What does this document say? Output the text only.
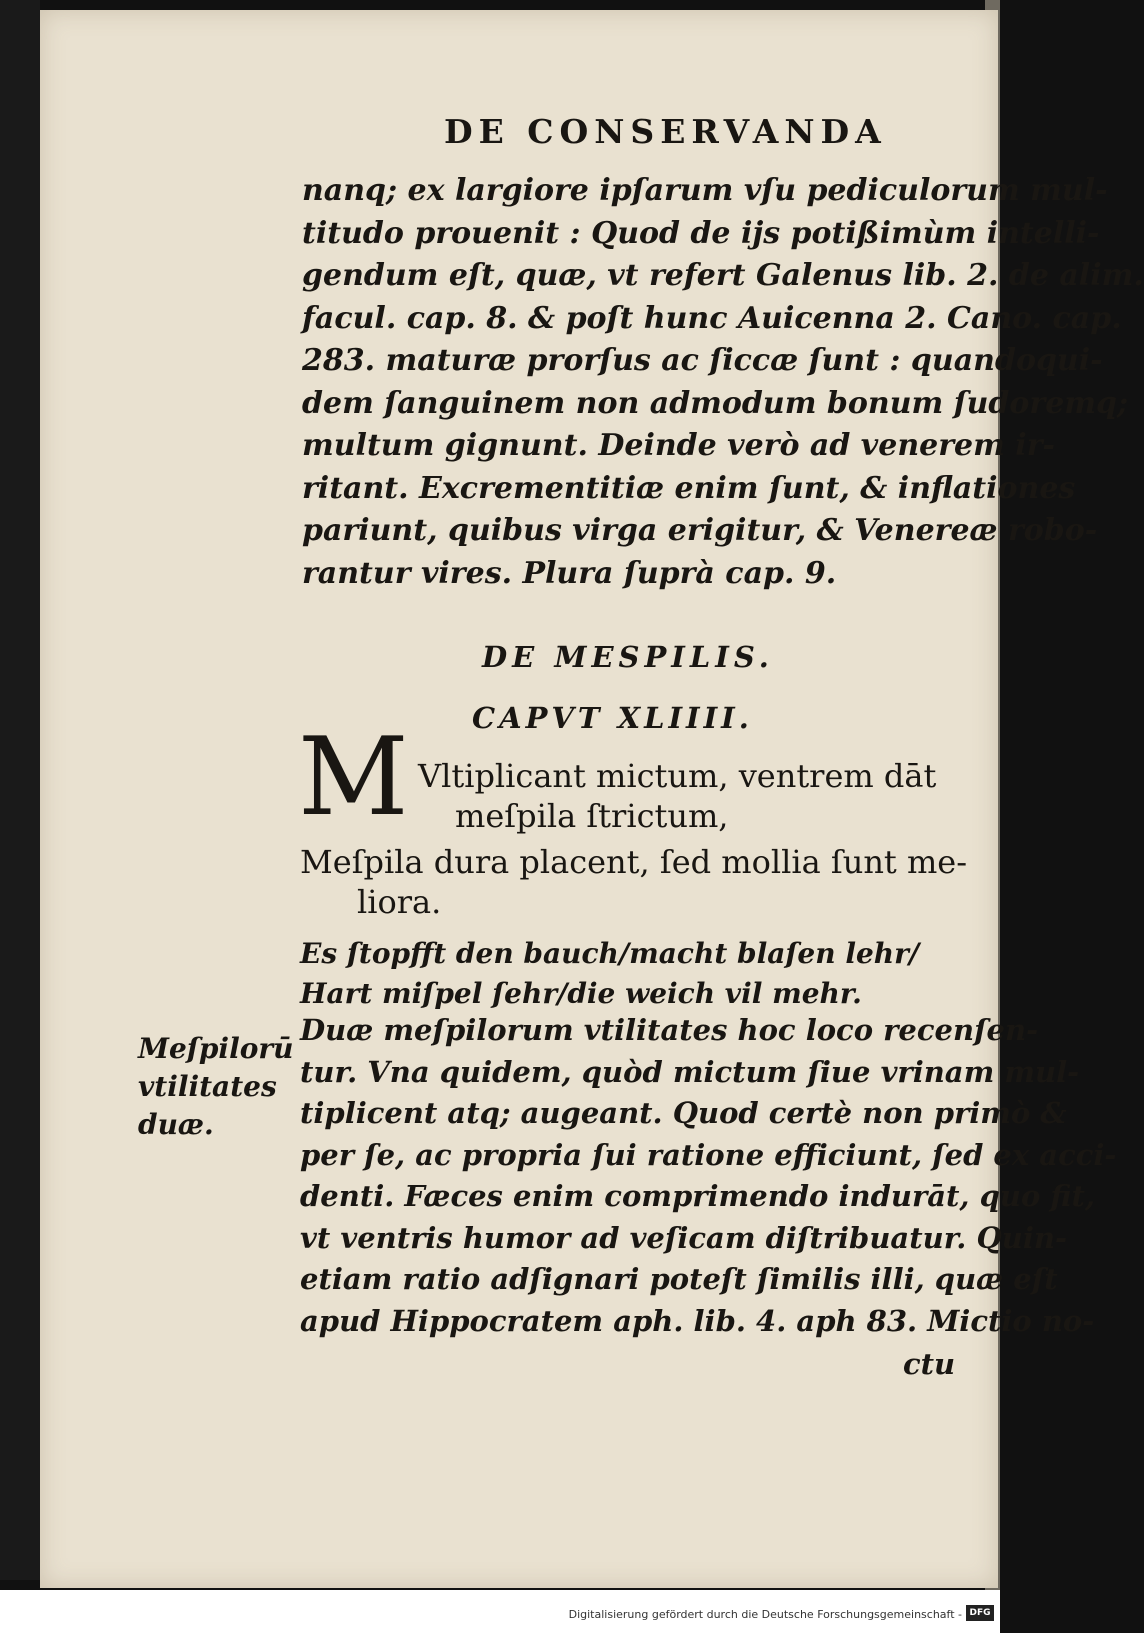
DE CONSERVANDA
nanq; ex largiore ipſarum vſu pediculorum mul-
titudo prouenit : Quod de ijs potißimùm intelli-
gendum eſt, quæ, vt refert Galenus lib. 2. de alim.
facul. cap. 8. & poſt hunc Auicenna 2. Cano. cap.
283. maturæ prorſus ac ſiccæ ſunt : quandoqui-
dem ſanguinem non admodum bonum ſudoremq;
multum gignunt. Deinde verò ad venerem ir-
ritant. Excrementitiæ enim ſunt, & inflationes
pariunt, quibus virga erigitur, & Venereæ robo-
rantur vires. Plura ſuprà cap. 9.
DE MESPILIS.
CAPVT XLIIII.
M Vltiplicant mictum, ventrem dāt
meſpila ſtrictum,
Meſpila dura placent, ſed mollia ſunt me-
liora.
Es ſtopfft den bauch/macht blaſen lehr/
Hart miſpel ſehr/die weich vil mehr.
Meſpilorū
vtilitates
duæ.
Duæ meſpilorum vtilitates hoc loco recenſen-
tur. Vna quidem, quòd mictum ſiue vrinam mul-
tiplicent atq; augeant. Quod certè non primò &
per ſe, ac propria ſui ratione efficiunt, ſed ex acci-
denti. Fæces enim comprimendo indurāt, quo fit,
vt ventris humor ad veſicam diſtribuatur. Quin-
etiam ratio adſignari poteſt ſimilis illi, quæ eſt
apud Hippocratem aph. lib. 4. aph 83. Mictio no-
ctu
Digitalisierung gefördert durch die Deutsche Forschungsgemeinschaft - DFG
